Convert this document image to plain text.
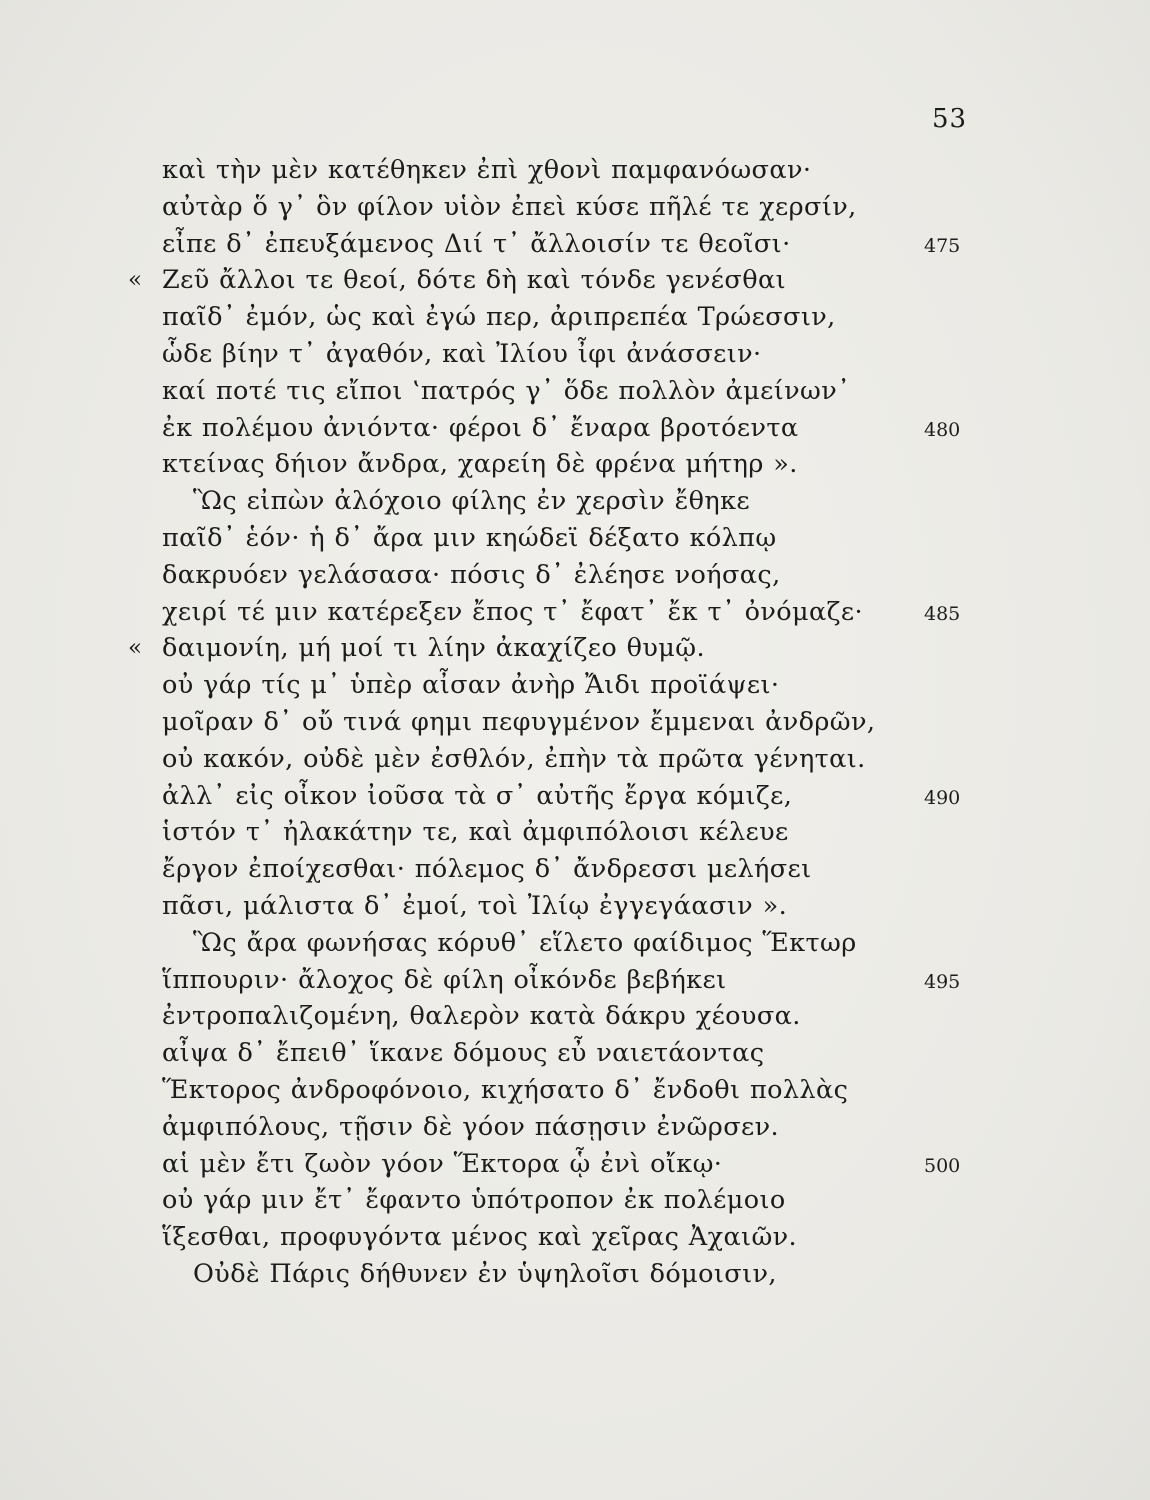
53
καὶ τὴν μὲν κατέθηκεν ἐπὶ χθονὶ παμφανόωσαν·
αὐτὰρ ὅ γ᾽ ὃν φίλον υἱὸν ἐπεὶ κύσε πῆλέ τε χερσίν,
εἶπε δ᾽ ἐπευξάμενος Διί τ᾽ ἄλλοισίν τε θεοῖσι·	475
« Ζεῦ ἄλλοι τε θεοί, δότε δὴ καὶ τόνδε γενέσθαι
παῖδ᾽ ἐμόν, ὡς καὶ ἐγώ περ, ἀριπρεπέα Τρώεσσιν,
ὧδε βίην τ᾽ ἀγαθόν, καὶ Ἰλίου ἶφι ἀνάσσειν·
καί ποτέ τις εἴποι ‛πατρός γ᾽ ὅδε πολλὸν ἀμείνων᾽
ἐκ πολέμου ἀνιόντα· φέροι δ᾽ ἔναρα βροτόεντα	480
κτείνας δήιον ἄνδρα, χαρείη δὲ φρένα μήτηρ ».
Ὣς εἰπὼν ἀλόχοιο φίλης ἐν χερσὶν ἔθηκε
παῖδ᾽ ἑόν· ἡ δ᾽ ἄρα μιν κηώδεϊ δέξατο κόλπῳ
δακρυόεν γελάσασα· πόσις δ᾽ ἐλέησε νοήσας,
χειρί τέ μιν κατέρεξεν ἔπος τ᾽ ἔφατ᾽ ἔκ τ᾽ ὀνόμαζε·	485
« δαιμονίη, μή μοί τι λίην ἀκαχίζεο θυμῷ.
οὐ γάρ τίς μ᾽ ὑπὲρ αἶσαν ἀνὴρ Ἄιδι προϊάψει·
μοῖραν δ᾽ οὔ τινά φημι πεφυγμένον ἔμμεναι ἀνδρῶν,
οὐ κακόν, οὐδὲ μὲν ἐσθλόν, ἐπὴν τὰ πρῶτα γένηται.
ἀλλ᾽ εἰς οἶκον ἰοῦσα τὰ σ᾽ αὐτῆς ἔργα κόμιζε,	490
ἱστόν τ᾽ ἠλακάτην τε, καὶ ἀμφιπόλοισι κέλευε
ἔργον ἐποίχεσθαι· πόλεμος δ᾽ ἄνδρεσσι μελήσει
πᾶσι, μάλιστα δ᾽ ἐμοί, τοὶ Ἰλίῳ ἐγγεγάασιν ».
Ὣς ἄρα φωνήσας κόρυθ᾽ εἵλετο φαίδιμος Ἕκτωρ
ἵππουριν· ἄλοχος δὲ φίλη οἶκόνδε βεβήκει	495
ἐντροπαλιζομένη, θαλερὸν κατὰ δάκρυ χέουσα.
αἶψα δ᾽ ἔπειθ᾽ ἵκανε δόμους εὖ ναιετάοντας
Ἕκτορος ἀνδροφόνοιο, κιχήσατο δ᾽ ἔνδοθι πολλὰς
ἀμφιπόλους, τῇσιν δὲ γόον πάσῃσιν ἐνῶρσεν.
αἱ μὲν ἔτι ζωὸν γόον Ἕκτορα ᾧ ἐνὶ οἴκῳ·	500
οὐ γάρ μιν ἔτ᾽ ἔφαντο ὑπότροπον ἐκ πολέμοιο
ἵξεσθαι, προφυγόντα μένος καὶ χεῖρας Ἀχαιῶν.
Οὐδὲ Πάρις δήθυνεν ἐν ὑψηλοῖσι δόμοισιν,
